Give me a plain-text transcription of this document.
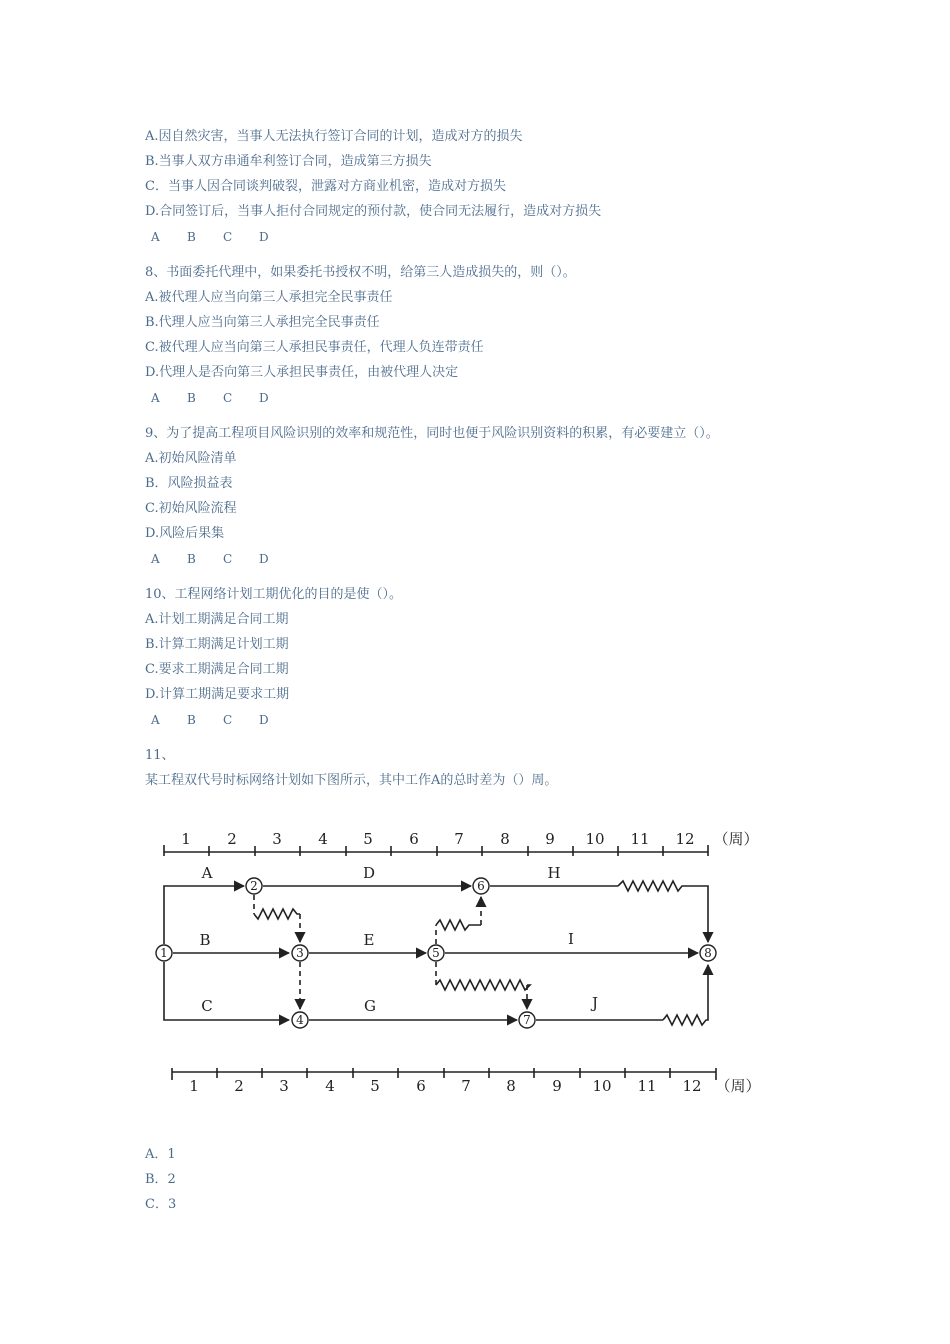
A.因自然灾害，当事人无法执行签订合同的计划，造成对方的损失
B.当事人双方串通牟利签订合同，造成第三方损失
C．当事人因合同谈判破裂，泄露对方商业机密，造成对方损失
D.合同签订后，当事人拒付合同规定的预付款，使合同无法履行，造成对方损失
A B C D
8、书面委托代理中，如果委托书授权不明，给第三人造成损失的，则（）。
A.被代理人应当向第三人承担完全民事责任
B.代理人应当向第三人承担完全民事责任
C.被代理人应当向第三人承担民事责任，代理人负连带责任
D.代理人是否向第三人承担民事责任，由被代理人决定
A B C D
9、为了提高工程项目风险识别的效率和规范性，同时也便于风险识别资料的积累，有必要建立（）。
A.初始风险清单
B．风险损益表
C.初始风险流程
D.风险后果集
A B C D
10、工程网络计划工期优化的目的是使（）。
A.计划工期满足合同工期
B.计算工期满足计划工期
C.要求工期满足合同工期
D.计算工期满足要求工期
A B C D
11、
某工程双代号时标网络计划如下图所示，其中工作A的总时差为（）周。
1 2 3 4 5 6 7 8 9 10 11 12 （周）
1
2
3
4
5
6
7
8
A
B
C
D
E
G
H
I
J
1 2 3 4 5 6 7 8 9 10 11 12 （周）
A．1
B．2
C．3
